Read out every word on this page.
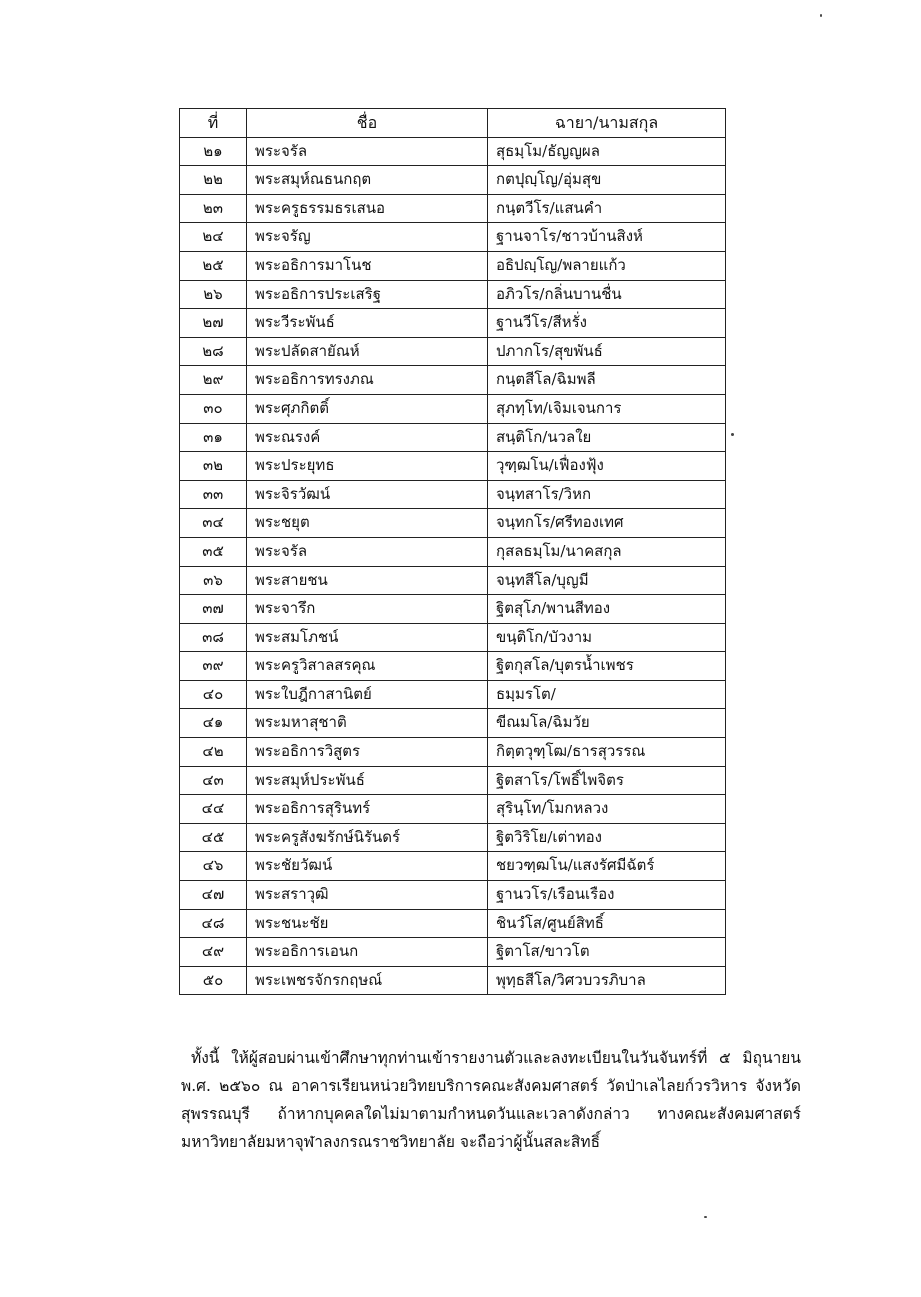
ที่	ชื่อ	ฉายา/นามสกุล
๒๑	พระจรัล	สุธมฺโม/ธัญญผล
๒๒	พระสมุห์ณธนกฤต	กตปุญฺโญ/อุ่มสุข
๒๓	พระครูธรรมธรเสนอ	กนฺตวีโร/แสนคำ
๒๔	พระจรัญ	ฐานจาโร/ชาวบ้านสิงห์
๒๕	พระอธิการมาโนช	อธิปญฺโญ/พลายแก้ว
๒๖	พระอธิการประเสริฐ	อภิวโร/กลิ่นบานชื่น
๒๗	พระวีระพันธ์	ฐานวีโร/สีหรั่ง
๒๘	พระปลัดสายัณห์	ปภากโร/สุขพันธ์
๒๙	พระอธิการทรงภณ	กนฺตสีโล/ฉิมพลี
๓๐	พระศุภกิตติ์	สุภทฺโท/เจิมเจนการ
๓๑	พระณรงค์	สนฺติโก/นวลใย
๓๒	พระประยุทธ	วุฑฺฒโน/เฟื่องฟุ้ง
๓๓	พระจิรวัฒน์	จนฺทสาโร/วิหก
๓๔	พระชยุต	จนฺทกโร/ศรีทองเทศ
๓๕	พระจรัล	กุสลธมฺโม/นาคสกุล
๓๖	พระสายชน	จนฺทสีโล/บุญมี
๓๗	พระจารึก	ฐิตสุโภ/พานสีทอง
๓๘	พระสมโภชน์	ขนฺติโก/บัวงาม
๓๙	พระครูวิสาลสรคุณ	ฐิตกุสโล/บุตรน้ำเพชร
๔๐	พระใบฎีกาสานิตย์	ธมฺมรโต/
๔๑	พระมหาสุชาติ	ขีณมโล/ฉิมวัย
๔๒	พระอธิการวิสูตร	กิตฺตวุฑฺโฒ/ธารสุวรรณ
๔๓	พระสมุห์ประพันธ์	ฐิตสาโร/โพธิ์ไพจิตร
๔๔	พระอธิการสุรินทร์	สุรินฺโท/โมกหลวง
๔๕	พระครูสังฆรักษ์นิรันดร์	ฐิตวิริโย/เต่าทอง
๔๖	พระชัยวัฒน์	ชยวฑฺฒโน/แสงรัศมีฉัตร์
๔๗	พระสราวุฒิ	ฐานวโร/เรือนเรือง
๔๘	พระชนะชัย	ชินวํโส/ศูนย์สิทธิ์
๔๙	พระอธิการเอนก	ฐิตาโส/ขาวโต
๕๐	พระเพชรจักรกฤษณ์	พุทฺธสีโล/วิศวบวรภิบาล

ทั้งนี้ ให้ผู้สอบผ่านเข้าศึกษาทุกท่านเข้ารายงานตัวและลงทะเบียนในวันจันทร์ที่ ๕ มิถุนายน พ.ศ. ๒๕๖๐ ณ อาคารเรียนหน่วยวิทยบริการคณะสังคมศาสตร์ วัดป่าเลไลยก์วรวิหาร จังหวัดสุพรรณบุรี ถ้าหากบุคคลใดไม่มาตามกำหนดวันและเวลาดังกล่าว ทางคณะสังคมศาสตร์ มหาวิทยาลัยมหาจุฬาลงกรณราชวิทยาลัย จะถือว่าผู้นั้นสละสิทธิ์
